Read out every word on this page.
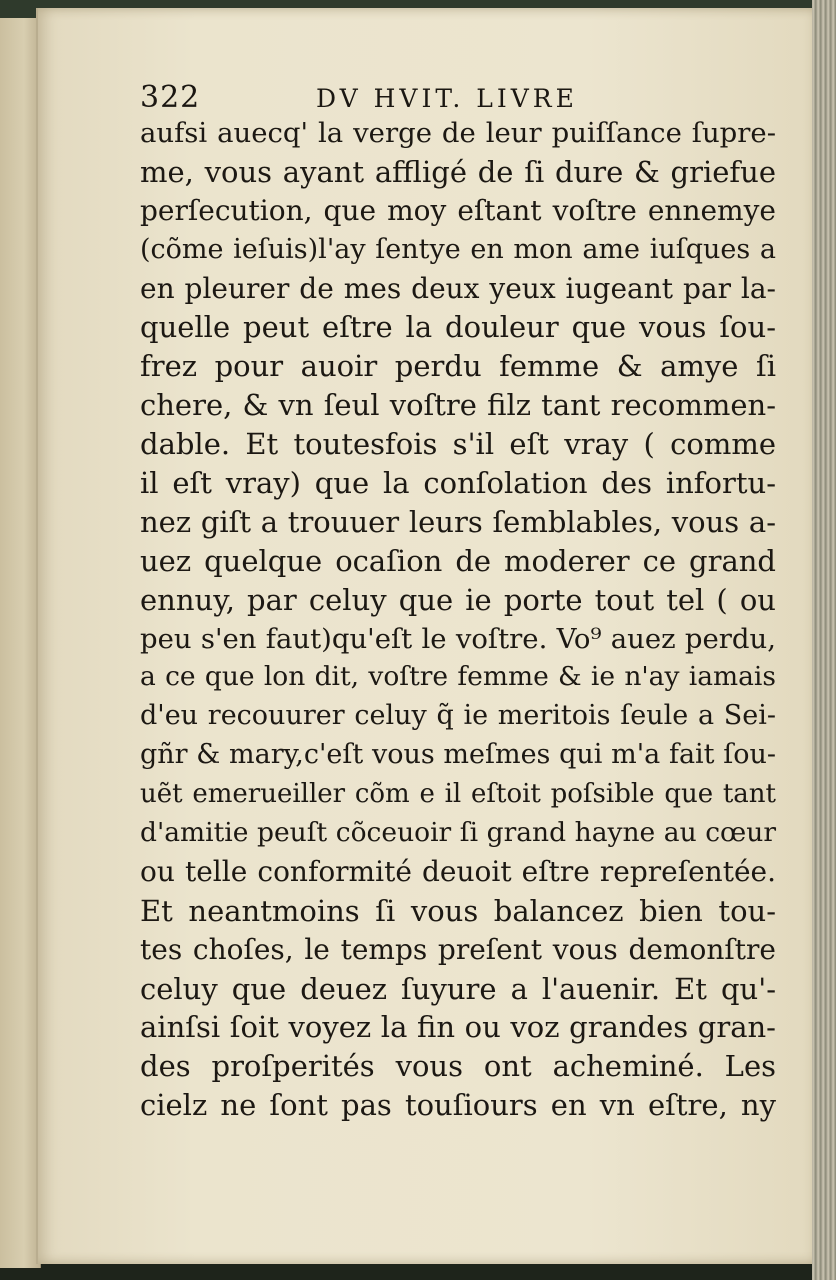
322	DV HVIT. LIVRE
aufsi auecq' la verge de leur puiſſance ſupre-
me, vous ayant affligé de ſi dure & griefue
perſecution, que moy eſtant voſtre ennemye
(cõme ieſuis)l'ay ſentye en mon ame iuſques a
en pleurer de mes deux yeux iugeant par la-
quelle peut eſtre la douleur que vous ſou-
frez pour auoir perdu femme & amye ſi
chere, & vn ſeul voſtre filz tant recommen-
dable. Et toutesfois s'il eſt vray ( comme
il eſt vray) que la conſolation des infortu-
nez giſt a trouuer leurs ſemblables, vous a-
uez quelque ocaſion de moderer ce grand
ennuy, par celuy que ie porte tout tel ( ou
peu s'en faut)qu'eſt le voſtre. Vo⁹ auez perdu,
a ce que lon dit, voſtre femme & ie n'ay iamais
d'eu recouurer celuy q̃ ie meritois ſeule a Sei-
gñr & mary,c'eſt vous meſmes qui m'a fait ſou-
uẽt emerueiller cõm e il eſtoit poſsible que tant
d'amitie peuſt cõceuoir ſi grand hayne au cœur
ou telle conformité deuoit eſtre repreſentée.
Et neantmoins ſi vous balancez bien tou-
tes choſes, le temps preſent vous demonſtre
celuy que deuez ſuyure a l'auenir. Et qu'-
ainſsi ſoit voyez la fin ou voz grandes gran-
des proſperités vous ont acheminé. Les
cielz ne ſont pas touſiours en vn eſtre, ny
